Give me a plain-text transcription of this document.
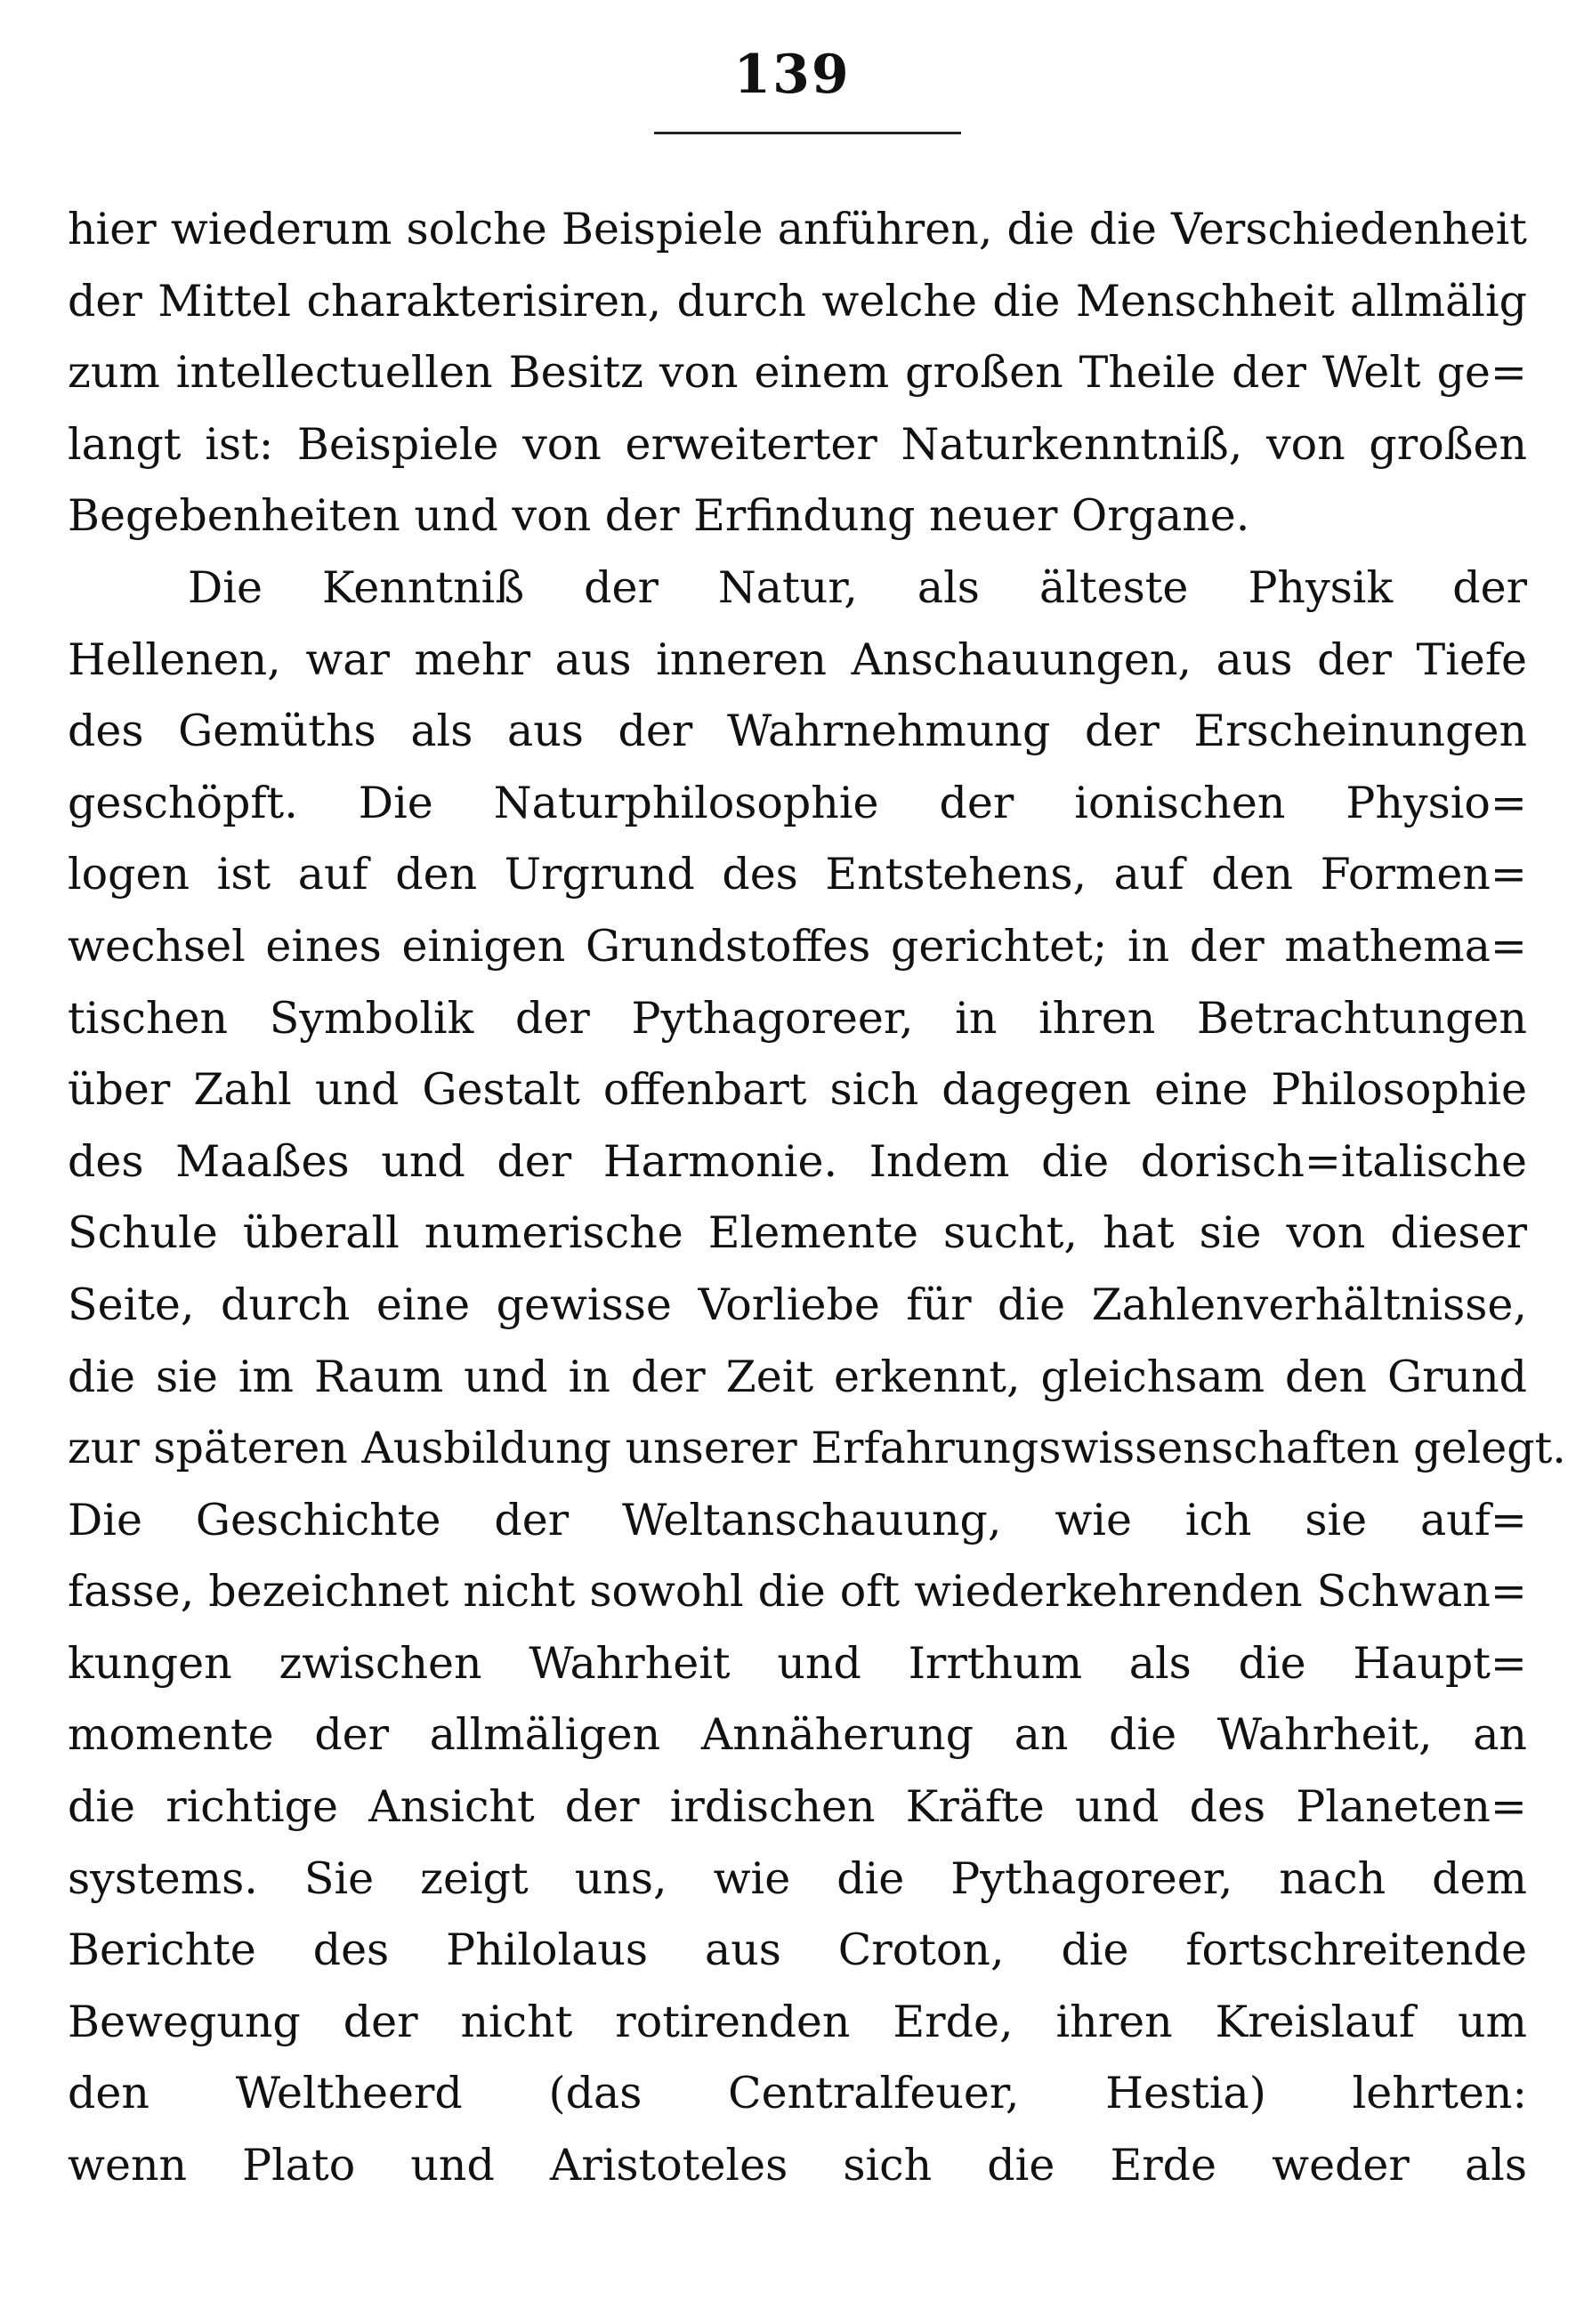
139
hier wiederum solche Beispiele anführen, die die Verschiedenheit
der Mittel charakterisiren, durch welche die Menschheit allmälig
zum intellectuellen Besitz von einem großen Theile der Welt ge=
langt ist: Beispiele von erweiterter Naturkenntniß, von großen
Begebenheiten und von der Erfindung neuer Organe.
Die Kenntniß der Natur, als älteste Physik der
Hellenen, war mehr aus inneren Anschauungen, aus der Tiefe
des Gemüths als aus der Wahrnehmung der Erscheinungen
geschöpft. Die Naturphilosophie der ionischen Physio=
logen ist auf den Urgrund des Entstehens, auf den Formen=
wechsel eines einigen Grundstoffes gerichtet; in der mathema=
tischen Symbolik der Pythagoreer, in ihren Betrachtungen
über Zahl und Gestalt offenbart sich dagegen eine Philosophie
des Maaßes und der Harmonie. Indem die dorisch=italische
Schule überall numerische Elemente sucht, hat sie von dieser
Seite, durch eine gewisse Vorliebe für die Zahlenverhältnisse,
die sie im Raum und in der Zeit erkennt, gleichsam den Grund
zur späteren Ausbildung unserer Erfahrungswissenschaften gelegt.
Die Geschichte der Weltanschauung, wie ich sie auf=
fasse, bezeichnet nicht sowohl die oft wiederkehrenden Schwan=
kungen zwischen Wahrheit und Irrthum als die Haupt=
momente der allmäligen Annäherung an die Wahrheit, an
die richtige Ansicht der irdischen Kräfte und des Planeten=
systems. Sie zeigt uns, wie die Pythagoreer, nach dem
Berichte des Philolaus aus Croton, die fortschreitende
Bewegung der nicht rotirenden Erde, ihren Kreislauf um
den Weltheerd (das Centralfeuer, Hestia) lehrten:
wenn Plato und Aristoteles sich die Erde weder als
